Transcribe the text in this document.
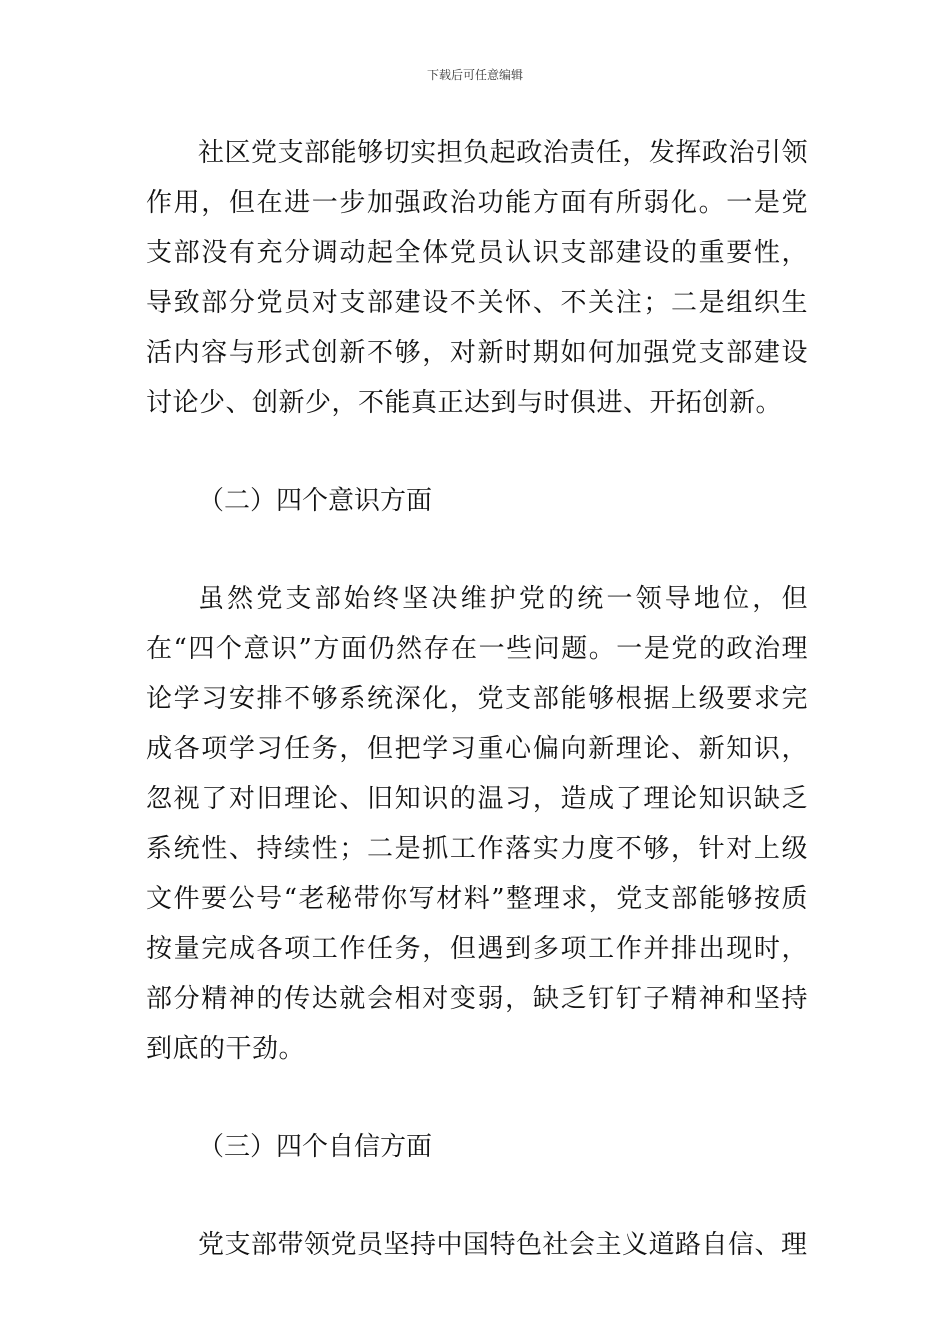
下载后可任意编辑

社区党支部能够切实担负起政治责任，发挥政治引领作用，但在进一步加强政治功能方面有所弱化。一是党支部没有充分调动起全体党员认识支部建设的重要性，导致部分党员对支部建设不关怀、不关注；二是组织生活内容与形式创新不够，对新时期如何加强党支部建设讨论少、创新少，不能真正达到与时俱进、开拓创新。

（二）四个意识方面

虽然党支部始终坚决维护党的统一领导地位，但在“四个意识”方面仍然存在一些问题。一是党的政治理论学习安排不够系统深化，党支部能够根据上级要求完成各项学习任务，但把学习重心偏向新理论、新知识，忽视了对旧理论、旧知识的温习，造成了理论知识缺乏系统性、持续性；二是抓工作落实力度不够，针对上级文件要公号“老秘带你写材料”整理求，党支部能够按质按量完成各项工作任务，但遇到多项工作并排出现时，部分精神的传达就会相对变弱，缺乏钉钉子精神和坚持到底的干劲。

（三）四个自信方面

党支部带领党员坚持中国特色社会主义道路自信、理
